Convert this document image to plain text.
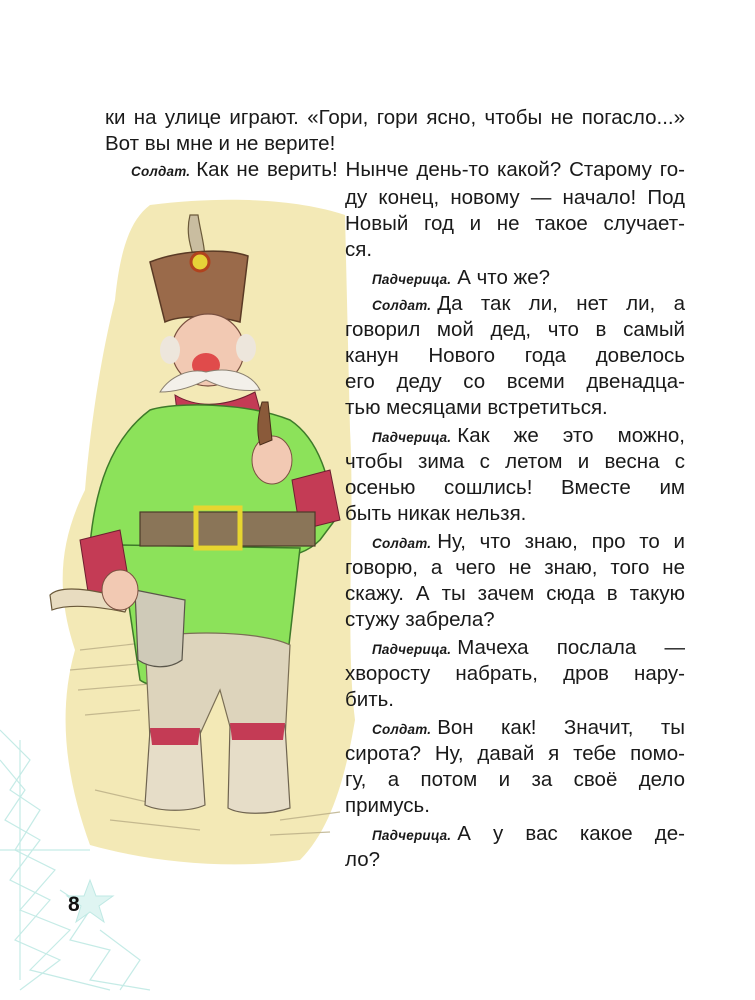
ки на улице играют. «Гори, гори ясно, чтобы не погасло...»
Вот вы мне и не верите!
Солдат. Как не верить! Нынче день-то какой? Старому го-
ду конец, новому — начало! Под
Новый год и не такое случает-
ся.
Падчерица. А что же?
Солдат. Да так ли, нет ли, а
говорил мой дед, что в самый
канун Нового года довелось
его деду со всеми двенадца-
тью месяцами встретиться.
Падчерица. Как же это можно,
чтобы зима с летом и весна с
осенью сошлись! Вместе им
быть никак нельзя.
Солдат. Ну, что знаю, про то и
говорю, а чего не знаю, того не
скажу. А ты зачем сюда в такую
стужу забрела?
Падчерица. Мачеха послала —
хворосту набрать, дров нару-
бить.
Солдат. Вон как! Значит, ты
сирота? Ну, давай я тебе помо-
гу, а потом и за своё дело
примусь.
Падчерица. А у вас какое де-
ло?
8
